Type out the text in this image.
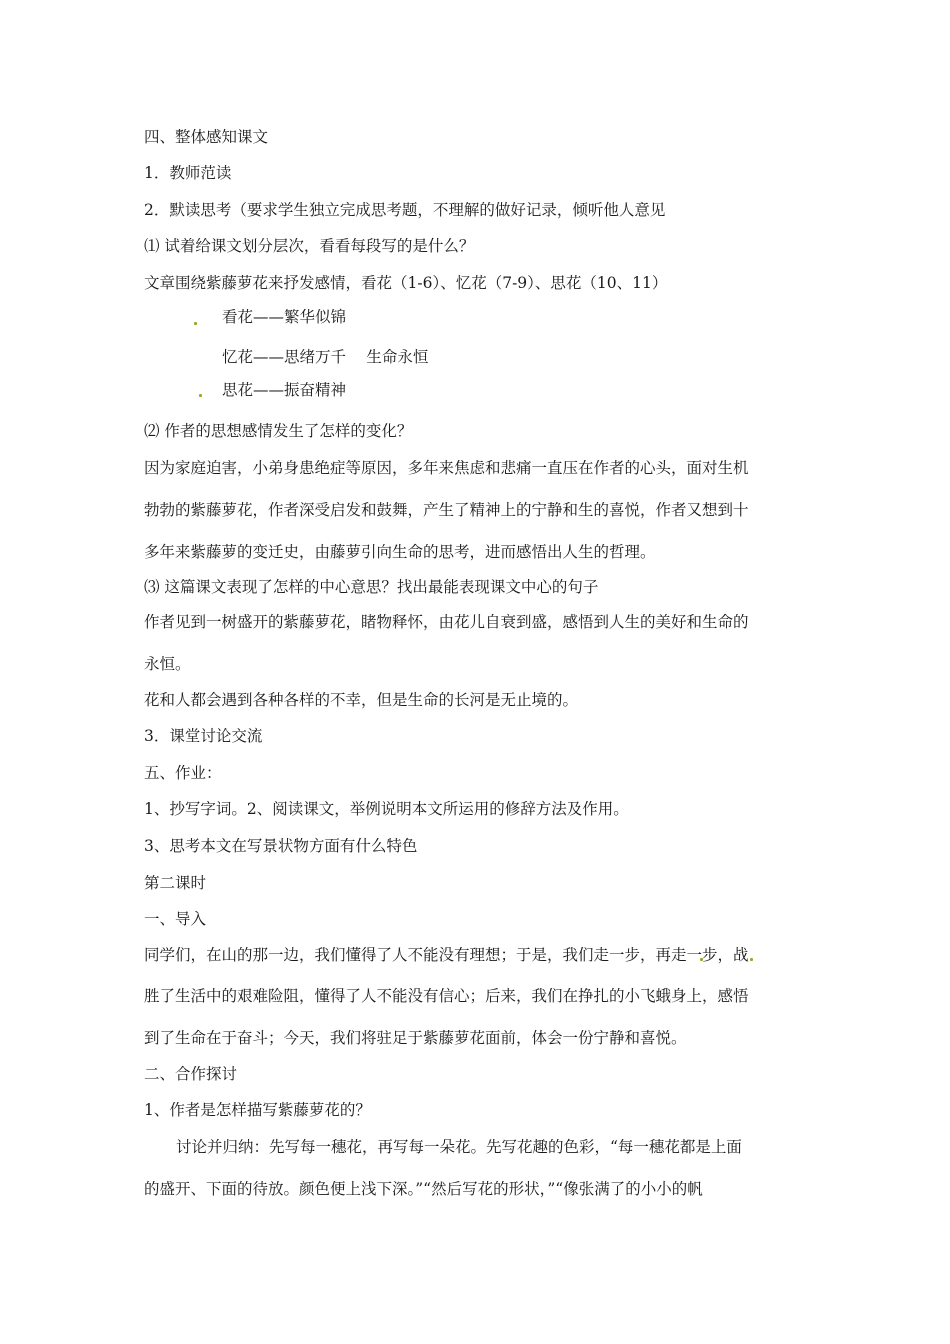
四、整体感知课文
1．教师范读
2．默读思考（要求学生独立完成思考题，不理解的做好记录，倾听他人意见
⑴ 试着给课文划分层次，看看每段写的是什么？
文章围绕紫藤萝花来抒发感情，看花（1-6）、忆花（7-9）、思花（10、11）
看花——繁华似锦
忆花——思绪万千　 生命永恒
思花——振奋精神
⑵ 作者的思想感情发生了怎样的变化？
因为家庭迫害，小弟身患绝症等原因，多年来焦虑和悲痛一直压在作者的心头，面对生机
勃勃的紫藤萝花，作者深受启发和鼓舞，产生了精神上的宁静和生的喜悦，作者又想到十
多年来紫藤萝的变迁史，由藤萝引向生命的思考，进而感悟出人生的哲理。
⑶ 这篇课文表现了怎样的中心意思？找出最能表现课文中心的句子
作者见到一树盛开的紫藤萝花，睹物释怀，由花儿自衰到盛，感悟到人生的美好和生命的
永恒。
花和人都会遇到各种各样的不幸，但是生命的长河是无止境的。
3．课堂讨论交流
五、作业：
1、抄写字词。2、阅读课文，举例说明本文所运用的修辞方法及作用。
3、思考本文在写景状物方面有什么特色
第二课时
一、导入
同学们，在山的那一边，我们懂得了人不能没有理想；于是，我们走一步，再走一步，战
胜了生活中的艰难险阻，懂得了人不能没有信心；后来，我们在挣扎的小飞蛾身上，感悟
到了生命在于奋斗；今天，我们将驻足于紫藤萝花面前，体会一份宁静和喜悦。
二、合作探讨
1、作者是怎样描写紫藤萝花的？
讨论并归纳：先写每一穗花，再写每一朵花。先写花趣的色彩，“每一穗花都是上面
的盛开、下面的待放。颜色便上浅下深。”“然后写花的形状，”“像张满了的小小的帆
